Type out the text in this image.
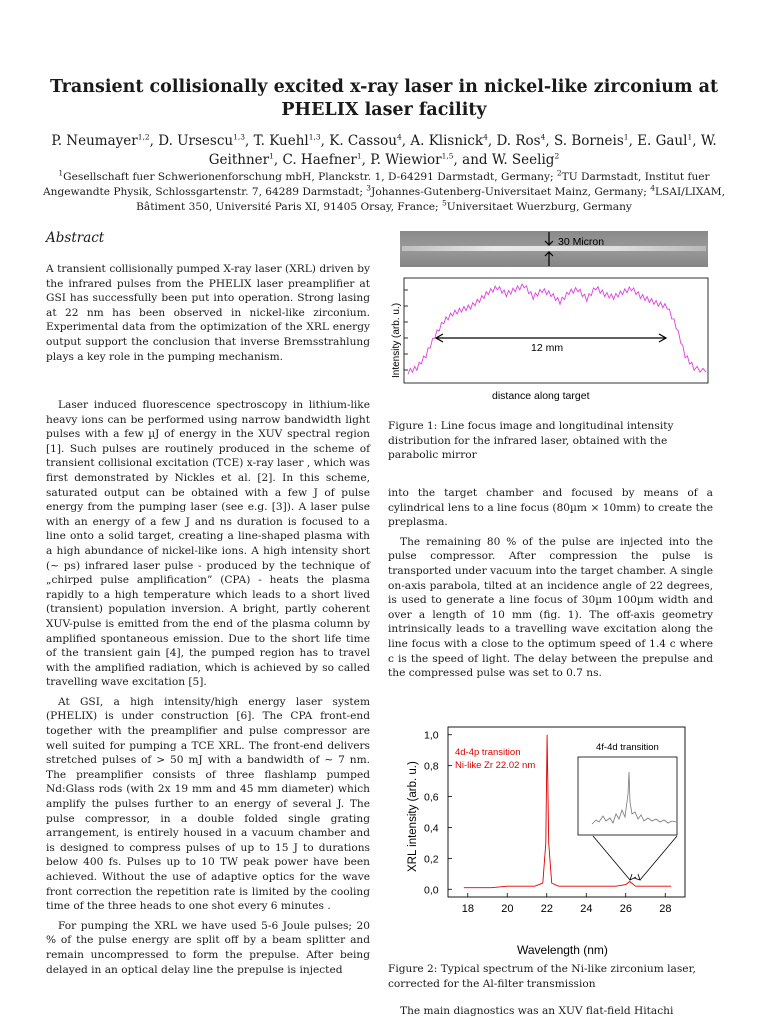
Transient collisionally excited x-ray laser in nickel-like zirconium at PHELIX laser facility
P. Neumayer$^{1,2}$, D. Ursescu$^{1,3}$, T. Kuehl$^{1,3}$, K. Cassou$^4$, A. Klisnick$^4$, D. Ros$^4$, S. Borneis$^1$, E. Gaul$^1$, W. Geithner$^1$, C. Haefner$^1$, P. Wiewior$^{1,5}$, and W. Seelig$^2$
$^1$Gesellschaft fuer Schwerionenforschung mbH, Planckstr. 1, D-64291 Darmstadt, Germany; $^2$TU Darmstadt, Institut fuer Angewandte Physik, Schlossgartenstr. 7, 64289 Darmstadt; $^3$Johannes-Gutenberg-Universitaet Mainz, Germany; $^4$LSAI/LIXAM, Bâtiment 350, Université Paris XI, 91405 Orsay, France; $^5$Universitaet Wuerzburg, Germany
Abstract

A transient collisionally pumped X-ray laser (XRL) driven by the infrared pulses from the PHELIX laser preamplifier at GSI has successfully been put into operation. Strong lasing at 22 nm has been observed in nickel-like zirconium. Experimental data from the optimization of the XRL energy output support the conclusion that inverse Bremsstrahlung plays a key role in the pumping mechanism.

Laser induced fluorescence spectroscopy in lithium-like heavy ions can be performed using narrow bandwidth light pulses with a few µJ of energy in the XUV spectral region [1]. Such pulses are routinely produced in the scheme of transient collisional excitation (TCE) x-ray laser , which was first demonstrated by Nickles et al. [2]. In this scheme, saturated output can be obtained with a few J of pulse energy from the pumping laser (see e.g. [3]). A laser pulse with an energy of a few J and ns duration is focused to a line onto a solid target, creating a line-shaped plasma with a high abundance of nickel-like ions. A high intensity short (∼ ps) infrared laser pulse - produced by the technique of „chirped pulse amplification” (CPA) - heats the plasma rapidly to a high temperature which leads to a short lived (transient) population inversion. A bright, partly coherent XUV-pulse is emitted from the end of the plasma column by amplified spontaneous emission. Due to the short life time of the transient gain [4], the pumped region has to travel with the amplified radiation, which is achieved by so called travelling wave excitation [5].

At GSI, a high intensity/high energy laser system (PHELIX) is under construction [6]. The CPA front-end together with the preamplifier and pulse compressor are well suited for pumping a TCE XRL. The front-end delivers stretched pulses of > 50 mJ with a bandwidth of ∼ 7 nm. The preamplifier consists of three flashlamp pumped Nd:Glass rods (with 2x 19 mm and 45 mm diameter) which amplify the pulses further to an energy of several J. The pulse compressor, in a double folded single grating arrangement, is entirely housed in a vacuum chamber and is designed to compress pulses of up to 15 J to durations below 400 fs. Pulses up to 10 TW peak power have been achieved. Without the use of adaptive optics for the wave front correction the repetition rate is limited by the cooling time of the three heads to one shot every 6 minutes .

For pumping the XRL we have used 5-6 Joule pulses; 20 % of the pulse energy are split off by a beam splitter and remain uncompressed to form the prepulse. After being delayed in an optical delay line the prepulse is injected

30 Micron
Intensity (arb. u.)	12 mm
distance along target
Figure 1: Line focus image and longitudinal intensity distribution for the infrared laser, obtained with the parabolic mirror

into the target chamber and focused by means of a cylindrical lens to a line focus (80µm × 10mm) to create the preplasma.

The remaining 80 % of the pulse are injected into the pulse compressor. After compression the pulse is transported under vacuum into the target chamber. A single on-axis parabola, tilted at an incidence angle of 22 degrees, is used to generate a line focus of 30µm 100µm width and over a length of 10 mm (fig. 1). The off-axis geometry intrinsically leads to a travelling wave excitation along the line focus with a close to the optimum speed of 1.4 c where c is the speed of light. The delay between the prepulse and the compressed pulse was set to 0.7 ns.

18 20 22 24 26 28
0,0
0,2
0,4
0,6
0,8
1,0
XRL intensity (arb. u.)
Wavelength (nm)
4d-4p transition
Ni-like Zr 22.02 nm
4f-4d transition
Figure 2: Typical spectrum of the Ni-like zirconium laser, corrected for the Al-filter transmission

The main diagnostics was an XUV flat-field Hitachi
